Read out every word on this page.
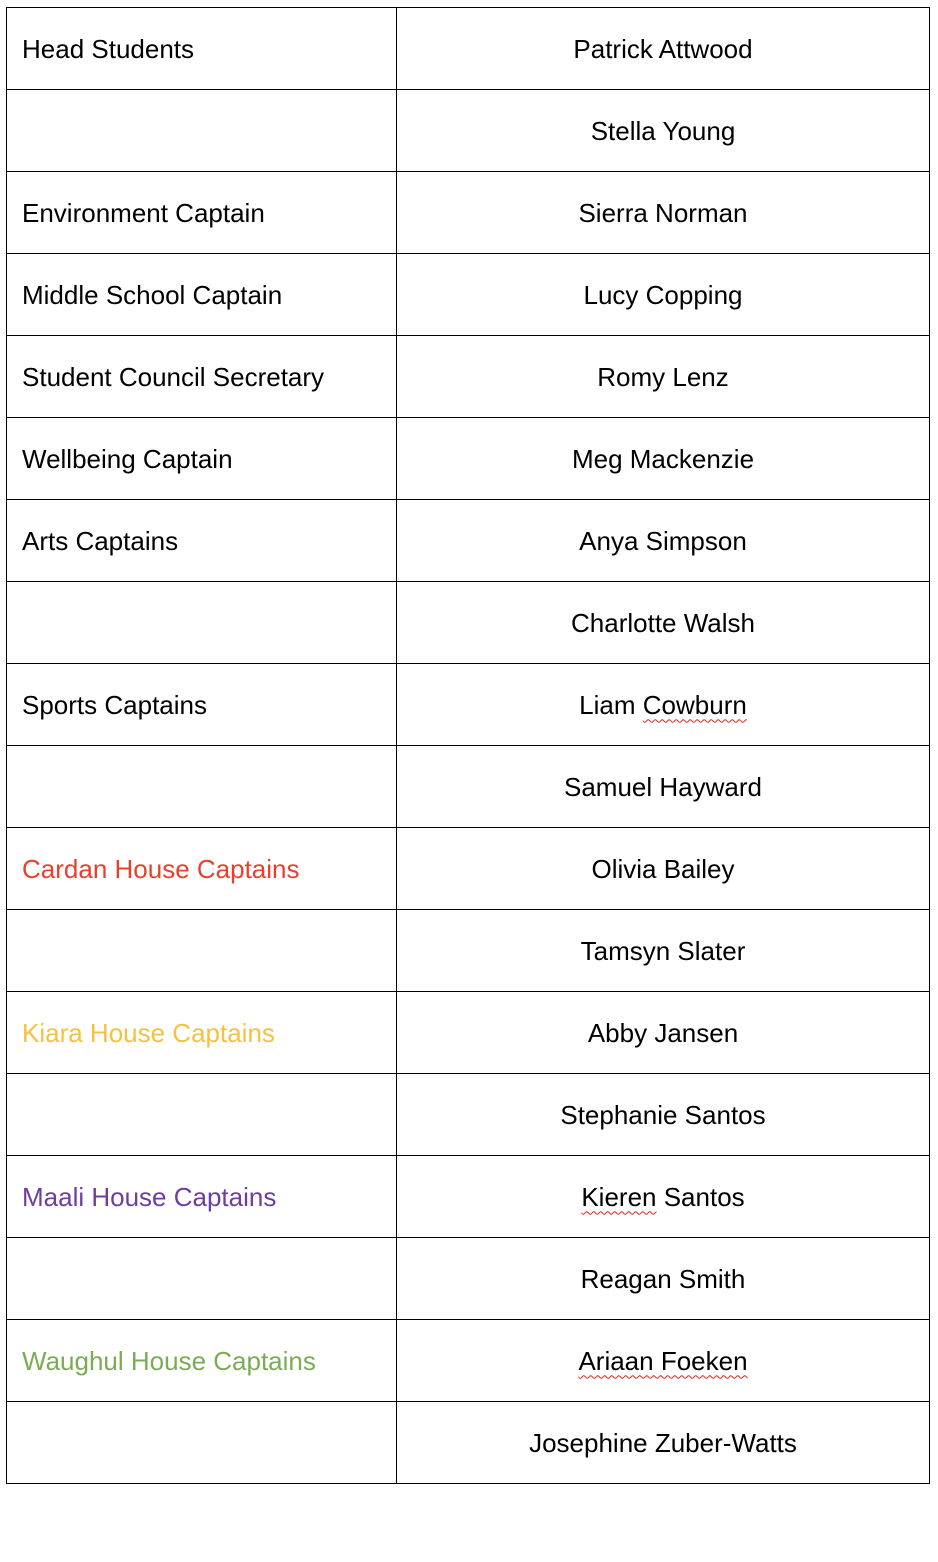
Head Students	Patrick Attwood
	Stella Young
Environment Captain	Sierra Norman
Middle School Captain	Lucy Copping
Student Council Secretary	Romy Lenz
Wellbeing Captain	Meg Mackenzie
Arts Captains	Anya Simpson
	Charlotte Walsh
Sports Captains	Liam Cowburn
	Samuel Hayward
Cardan House Captains	Olivia Bailey
	Tamsyn Slater
Kiara House Captains	Abby Jansen
	Stephanie Santos
Maali House Captains	Kieren Santos
	Reagan Smith
Waughul House Captains	Ariaan Foeken
	Josephine Zuber-Watts
